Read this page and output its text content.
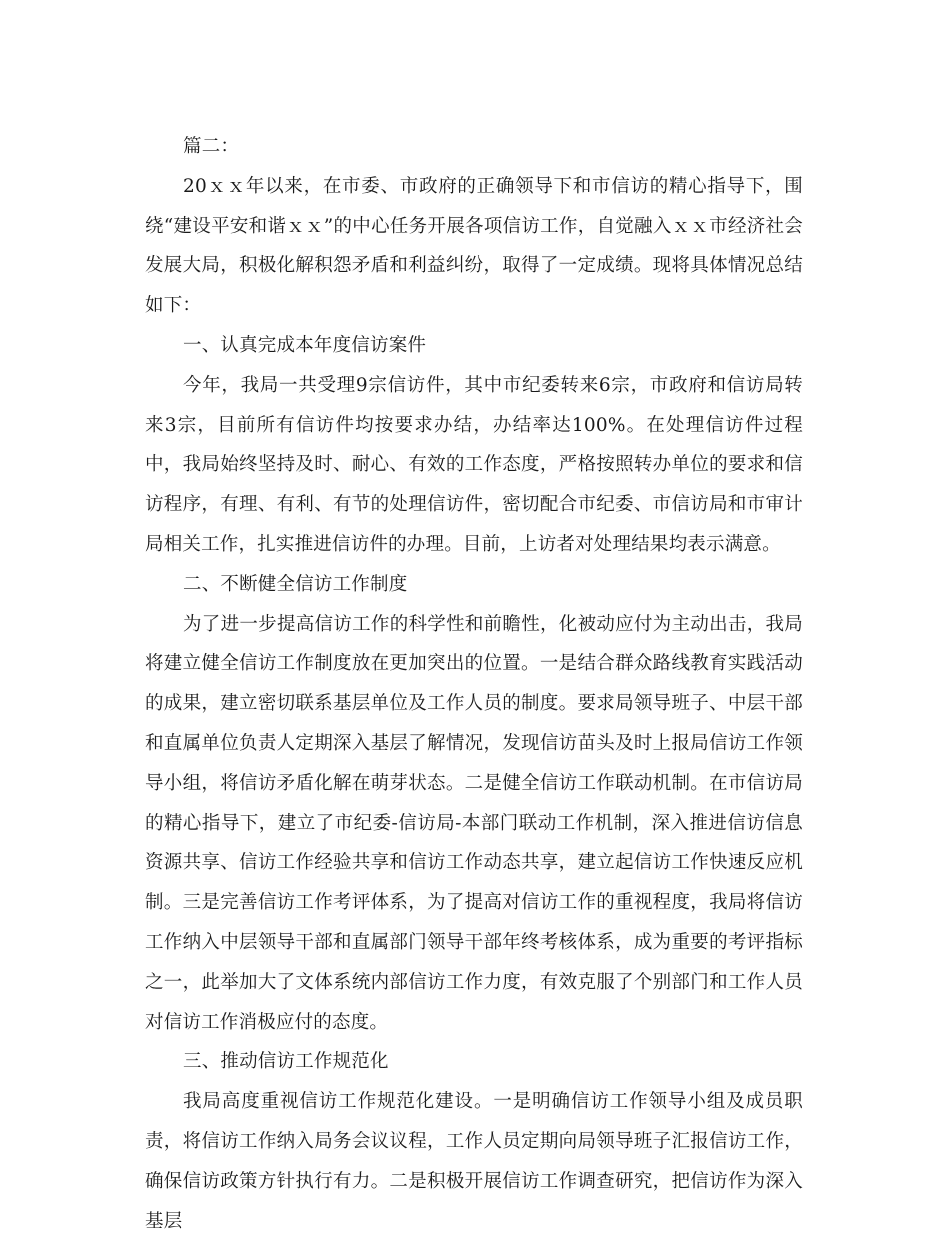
篇二：

20ｘｘ年以来，在市委、市政府的正确领导下和市信访的精心指导下，围绕“建设平安和谐ｘｘ”的中心任务开展各项信访工作，自觉融入ｘｘ市经济社会发展大局，积极化解积怨矛盾和利益纠纷，取得了一定成绩。现将具体情况总结如下：

一、认真完成本年度信访案件

今年，我局一共受理9宗信访件，其中市纪委转来6宗，市政府和信访局转来3宗，目前所有信访件均按要求办结，办结率达100%。在处理信访件过程中，我局始终坚持及时、耐心、有效的工作态度，严格按照转办单位的要求和信访程序，有理、有利、有节的处理信访件，密切配合市纪委、市信访局和市审计局相关工作，扎实推进信访件的办理。目前，上访者对处理结果均表示满意。

二、不断健全信访工作制度

为了进一步提高信访工作的科学性和前瞻性，化被动应付为主动出击，我局将建立健全信访工作制度放在更加突出的位置。一是结合群众路线教育实践活动的成果，建立密切联系基层单位及工作人员的制度。要求局领导班子、中层干部和直属单位负责人定期深入基层了解情况，发现信访苗头及时上报局信访工作领导小组，将信访矛盾化解在萌芽状态。二是健全信访工作联动机制。在市信访局的精心指导下，建立了市纪委-信访局-本部门联动工作机制，深入推进信访信息资源共享、信访工作经验共享和信访工作动态共享，建立起信访工作快速反应机制。三是完善信访工作考评体系，为了提高对信访工作的重视程度，我局将信访工作纳入中层领导干部和直属部门领导干部年终考核体系，成为重要的考评指标之一，此举加大了文体系统内部信访工作力度，有效克服了个别部门和工作人员对信访工作消极应付的态度。

三、推动信访工作规范化

我局高度重视信访工作规范化建设。一是明确信访工作领导小组及成员职责，将信访工作纳入局务会议议程，工作人员定期向局领导班子汇报信访工作，确保信访政策方针执行有力。二是积极开展信访工作调查研究，把信访作为深入基层
